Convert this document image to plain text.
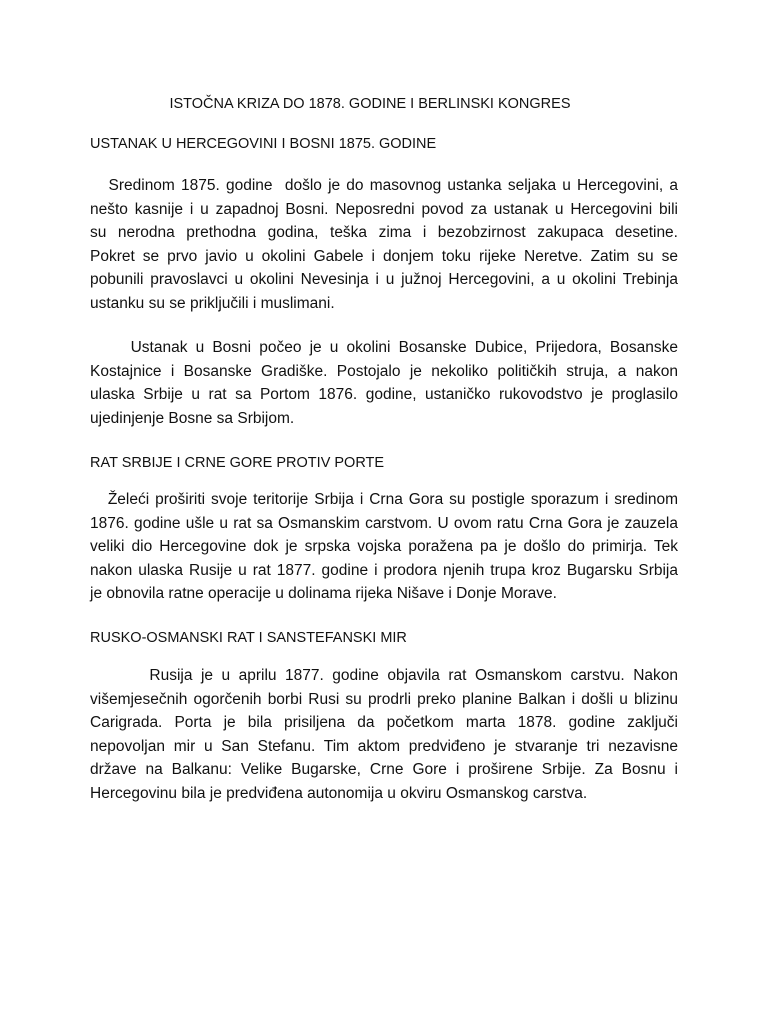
ISTOČNA KRIZA DO 1878. GODINE I BERLINSKI KONGRES
USTANAK U HERCEGOVINI I BOSNI 1875. GODINE

Sredinom 1875. godine  došlo je do masovnog ustanka seljaka u Hercegovini, a
nešto kasnije i u zapadnoj Bosni. Neposredni povod za ustanak u Hercegovini bili
su nerodna prethodna godina, teška zima i bezobzirnost zakupaca desetine.
Pokret se prvo javio u okolini Gabele i donjem toku rijeke Neretve. Zatim su se
pobunili pravoslavci u okolini Nevesinja i u južnoj Hercegovini, a u okolini Trebinja
ustanku su se priključili i muslimani.

Ustanak u Bosni počeo je u okolini Bosanske Dubice, Prijedora, Bosanske
Kostajnice i Bosanske Gradiške. Postojalo je nekoliko političkih struja, a nakon
ulaska Srbije u rat sa Portom 1876. godine, ustaničko rukovodstvo je proglasilo
ujedinjenje Bosne sa Srbijom.

RAT SRBIJE I CRNE GORE PROTIV PORTE

Želeći proširiti svoje teritorije Srbija i Crna Gora su postigle sporazum i sredinom
1876. godine ušle u rat sa Osmanskim carstvom. U ovom ratu Crna Gora je zauzela
veliki dio Hercegovine dok je srpska vojska poražena pa je došlo do primirja. Tek
nakon ulaska Rusije u rat 1877. godine i prodora njenih trupa kroz Bugarsku Srbija
je obnovila ratne operacije u dolinama rijeka Nišave i Donje Morave.

RUSKO-OSMANSKI RAT I SANSTEFANSKI MIR

Rusija je u aprilu 1877. godine objavila rat Osmanskom carstvu. Nakon
višemjesečnih ogorčenih borbi Rusi su prodrli preko planine Balkan i došli u blizinu
Carigrada. Porta je bila prisiljena da početkom marta 1878. godine zaključi
nepovoljan mir u San Stefanu. Tim aktom predviđeno je stvaranje tri nezavisne
države na Balkanu: Velike Bugarske, Crne Gore i proširene Srbije. Za Bosnu i
Hercegovinu bila je predviđena autonomija u okviru Osmanskog carstva.
